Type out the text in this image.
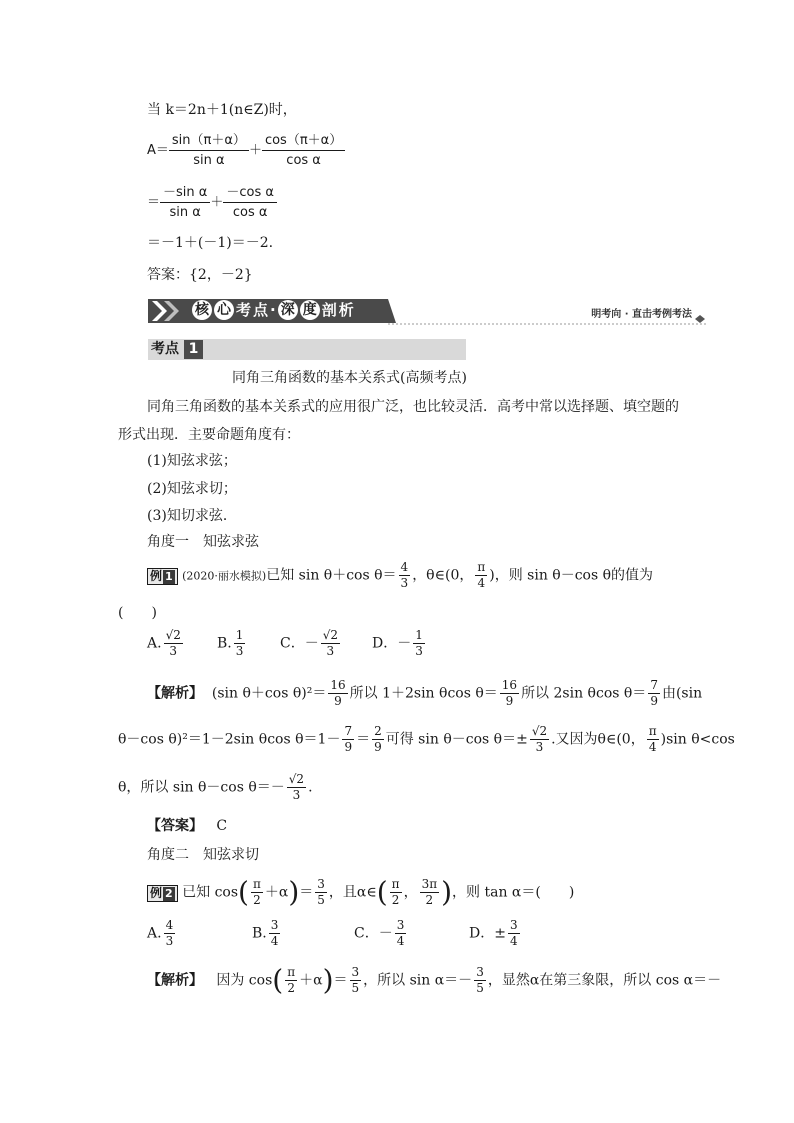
当 k＝2n＋1(n∈Z)时，
$A= \frac{\sin(\pi+\alpha)}{\text{sin α}} + \frac{\cos(\pi+\alpha)}{\text{cos α}}$
＝ $\frac{\text{－sin α}}{\text{sin α}} + \frac{\text{－cos α}}{\text{cos α}}$
＝－1＋(－1)＝－2.
答案：{2，－2}
核 心 考 点 · 深 度 剖 析	明考向 · 直击考例考法
考点 1
同角三角函数的基本关系式(高频考点)
同角三角函数的基本关系式的应用很广泛，也比较灵活．高考中常以选择题、填空题的
形式出现．主要命题角度有：
(1)知弦求弦；
(2)知弦求切；
(3)知切求弦．
角度一　知弦求弦
例 1 (2020·丽水模拟)已知 sin θ＋cos $\theta= \frac{4}{3}$ ，θ∈(0， $\frac{\pi}{4}$ )，则 sin θ－cos θ的值为
(　　)
A. $\frac{√2}{3} B$. $\frac{1}{3}$ C．－ $\frac{√2}{3}$ D．－ $\frac{1}{3}$
【解析】 (sin θ＋cos $\theta)^2= \frac{16}{9}$ 所以 1＋2sin θcos $\theta= \frac{16}{9}$ 所以 2sin θcos $\theta= \frac{7}{9}$ 由(sin
θ－cos θ)²＝1－2sin θcos $\theta=1- \frac{7}{9} = \frac{2}{9}$ 可得 sin θ－cos $\theta=\pm \frac{√2}{3}$ .又因为θ∈(0， $\frac{\pi}{4} )\sin$ θ<cos
θ，所以 sin θ－cos $\theta=- \frac{√2}{3}$ .
【答案】 C
角度二　知弦求切
例 2 已知 $\cos( \frac{\pi}{2} +\alpha)= \frac{3}{5}$ ，且α∈( $\frac{\pi}{2}$ ， $\frac{3\pi}{2}$ )，则 tan α＝(　　)
A. $\frac{4}{3}$	B. $\frac{3}{4}$	C．－ $\frac{3}{4}$	D．± $\frac{3}{4}$
【解析】 因为 $\cos( \frac{\pi}{2} +\alpha)= \frac{3}{5}$ ，所以 $\sin \alpha=- \frac{3}{5}$ ，显然α在第三象限，所以 cos α＝－
